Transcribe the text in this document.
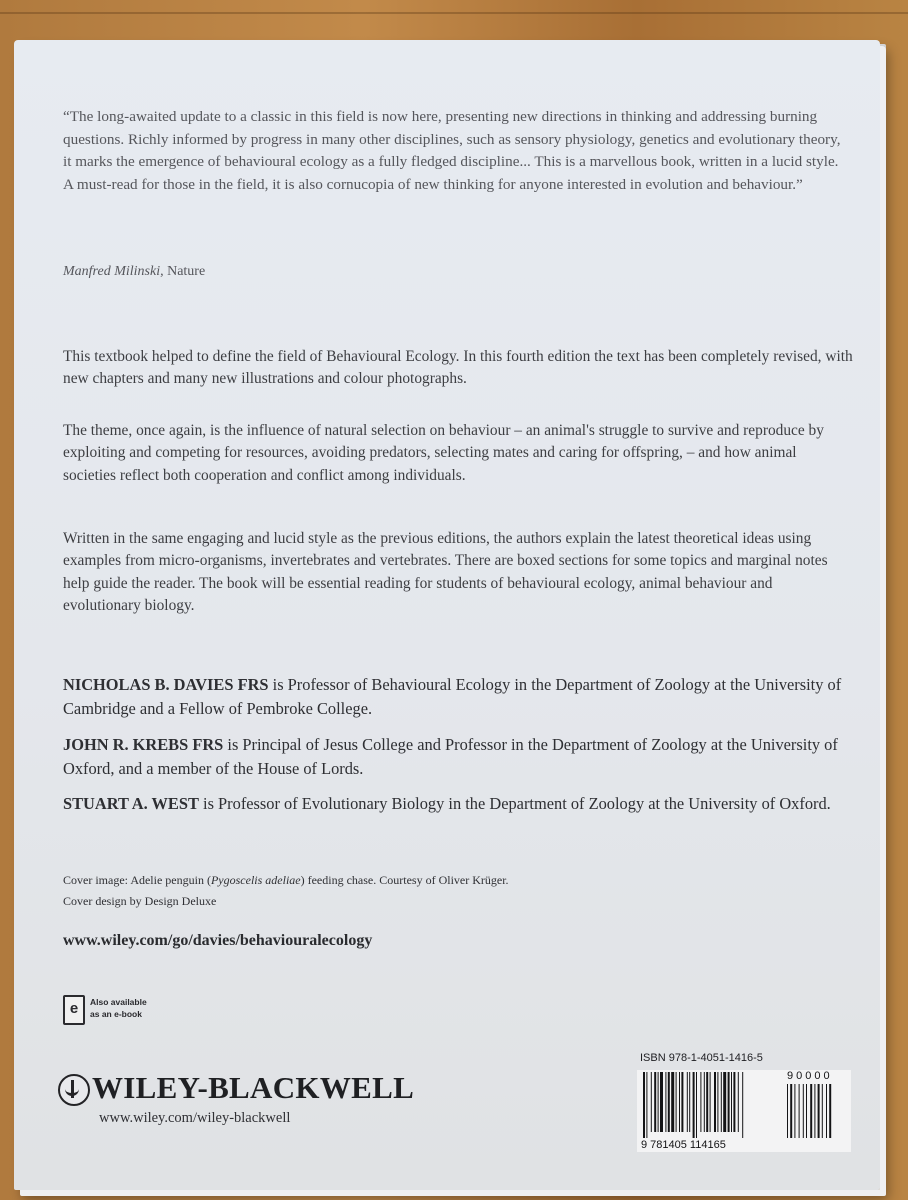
“The long-awaited update to a classic in this field is now here, presenting new directions in thinking and addressing burning questions. Richly informed by progress in many other disciplines, such as sensory physiology, genetics and evolutionary theory, it marks the emergence of behavioural ecology as a fully fledged discipline... This is a marvellous book, written in a lucid style. A must-read for those in the field, it is also cornucopia of new thinking for anyone interested in evolution and behaviour.”
Manfred Milinski, Nature
This textbook helped to define the field of Behavioural Ecology. In this fourth edition the text has been completely revised, with new chapters and many new illustrations and colour photographs.
The theme, once again, is the influence of natural selection on behaviour – an animal's struggle to survive and reproduce by exploiting and competing for resources, avoiding predators, selecting mates and caring for offspring, – and how animal societies reflect both cooperation and conflict among individuals.
Written in the same engaging and lucid style as the previous editions, the authors explain the latest theoretical ideas using examples from micro-organisms, invertebrates and vertebrates. There are boxed sections for some topics and marginal notes help guide the reader. The book will be essential reading for students of behavioural ecology, animal behaviour and evolutionary biology.
NICHOLAS B. DAVIES FRS is Professor of Behavioural Ecology in the Department of Zoology at the University of Cambridge and a Fellow of Pembroke College.
JOHN R. KREBS FRS is Principal of Jesus College and Professor in the Department of Zoology at the University of Oxford, and a member of the House of Lords.
STUART A. WEST is Professor of Evolutionary Biology in the Department of Zoology at the University of Oxford.
Cover image: Adelie penguin (Pygoscelis adeliae) feeding chase. Courtesy of Oliver Krüger.
Cover design by Design Deluxe
www.wiley.com/go/davies/behaviouralecology
e	Also available
as an e-book
WILEY-BLACKWELL
www.wiley.com/wiley-blackwell
ISBN 978-1-4051-1416-5
9 781405 114165
90000
